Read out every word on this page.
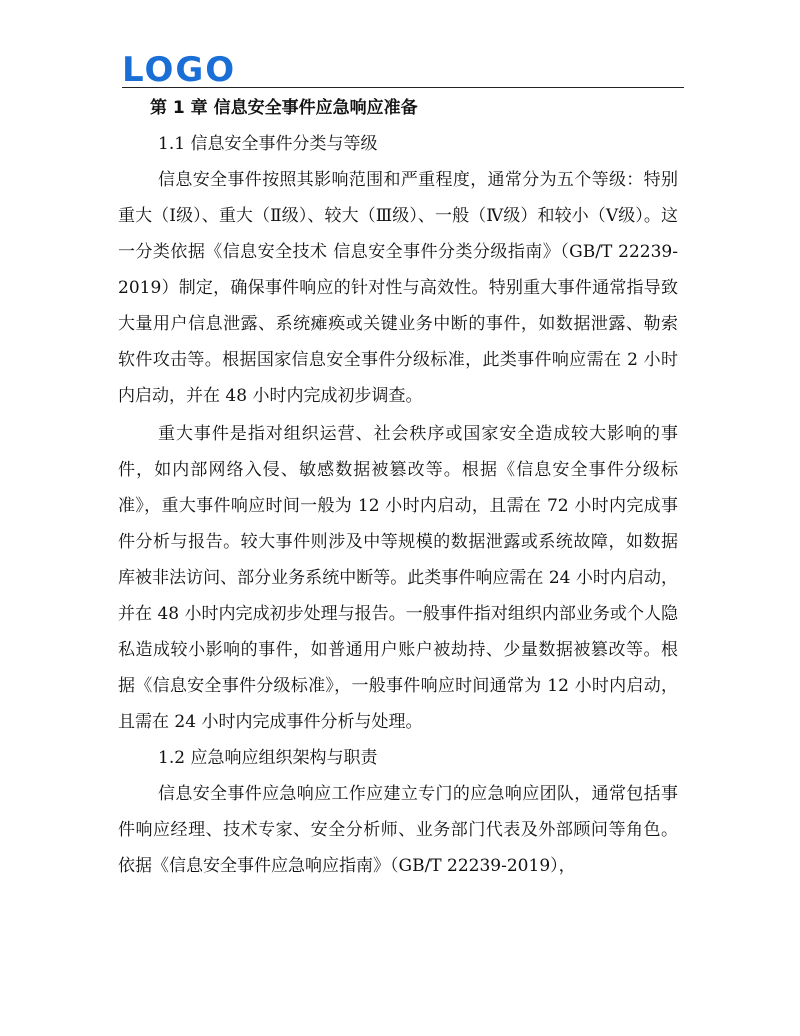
LOGO

第 1 章 信息安全事件应急响应准备

1.1 信息安全事件分类与等级

信息安全事件按照其影响范围和严重程度，通常分为五个等级：特别重大（Ⅰ级）、重大（Ⅱ级）、较大（Ⅲ级）、一般（Ⅳ级）和较小（Ⅴ级）。这一分类依据《信息安全技术 信息安全事件分类分级指南》（GB/T 22239-2019）制定，确保事件响应的针对性与高效性。特别重大事件通常指导致大量用户信息泄露、系统瘫痪或关键业务中断的事件，如数据泄露、勒索软件攻击等。根据国家信息安全事件分级标准，此类事件响应需在 2 小时内启动，并在 48 小时内完成初步调查。

重大事件是指对组织运营、社会秩序或国家安全造成较大影响的事件，如内部网络入侵、敏感数据被篡改等。根据《信息安全事件分级标准》，重大事件响应时间一般为 12 小时内启动，且需在 72 小时内完成事件分析与报告。较大事件则涉及中等规模的数据泄露或系统故障，如数据库被非法访问、部分业务系统中断等。此类事件响应需在 24 小时内启动，并在 48 小时内完成初步处理与报告。一般事件指对组织内部业务或个人隐私造成较小影响的事件，如普通用户账户被劫持、少量数据被篡改等。根据《信息安全事件分级标准》，一般事件响应时间通常为 12 小时内启动，且需在 24 小时内完成事件分析与处理。

1.2 应急响应组织架构与职责

信息安全事件应急响应工作应建立专门的应急响应团队，通常包括事件响应经理、技术专家、安全分析师、业务部门代表及外部顾问等角色。依据《信息安全事件应急响应指南》（GB/T 22239-2019），
